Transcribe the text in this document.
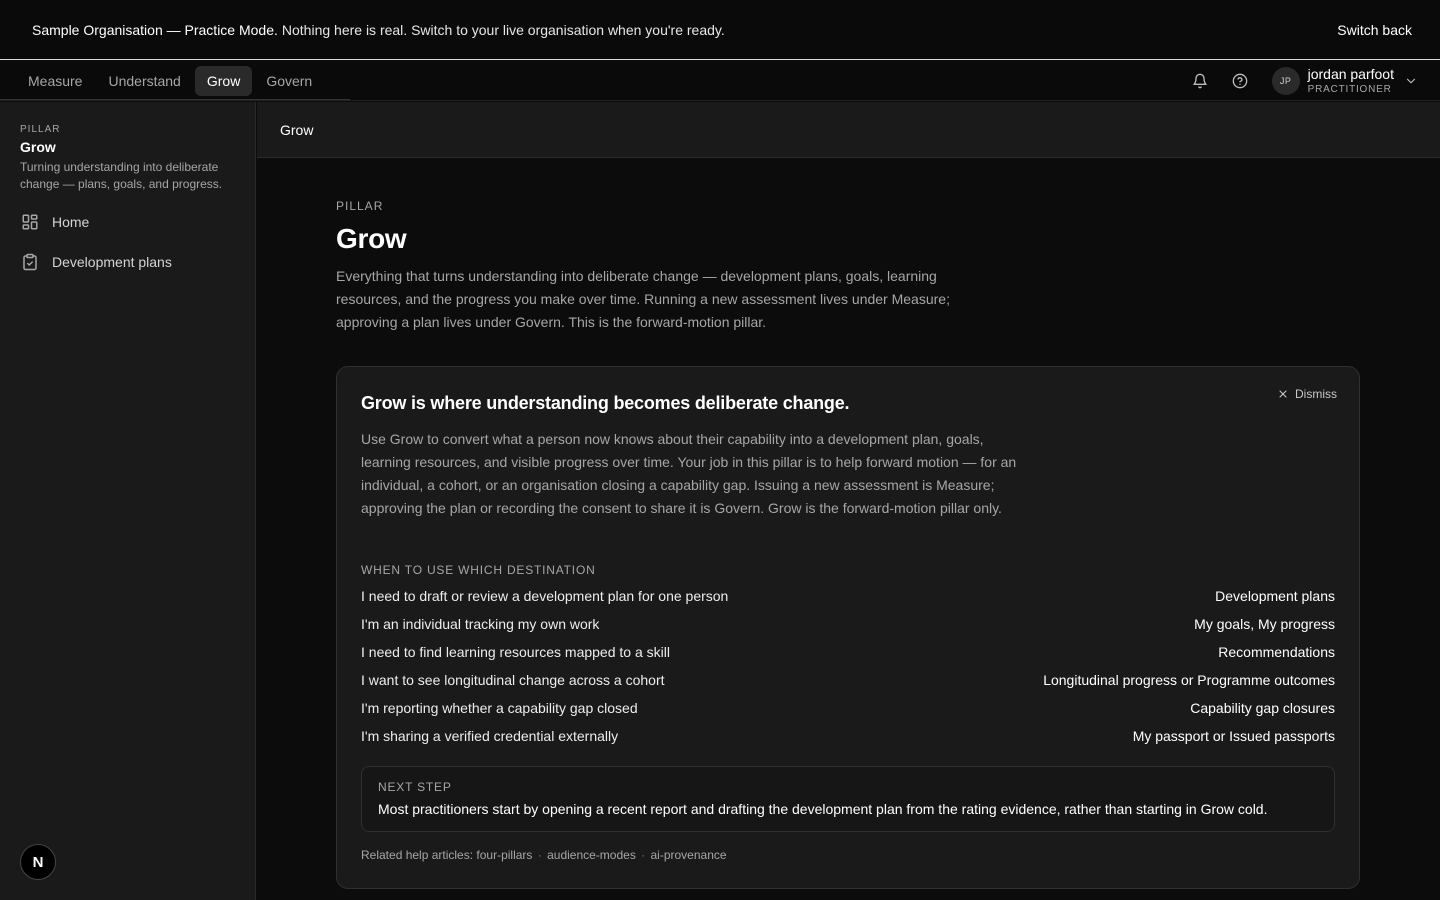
Sample Organisation — Practice Mode. Nothing here is real. Switch to your live organisation when you're ready.	Switch back
Measure	Understand	Grow	Govern	JP	jordan parfoot
PRACTITIONER
PILLAR
Grow
Turning understanding into deliberate change — plans, goals, and progress.
Home
Development plans
N
Grow
PILLAR
Grow
Everything that turns understanding into deliberate change — development plans, goals, learning resources, and the progress you make over time. Running a new assessment lives under Measure; approving a plan lives under Govern. This is the forward-motion pillar.
Grow is where understanding becomes deliberate change.	Dismiss
Use Grow to convert what a person now knows about their capability into a development plan, goals, learning resources, and visible progress over time. Your job in this pillar is to help forward motion — for an individual, a cohort, or an organisation closing a capability gap. Issuing a new assessment is Measure; approving the plan or recording the consent to share it is Govern. Grow is the forward-motion pillar only.
WHEN TO USE WHICH DESTINATION
I need to draft or review a development plan for one person	Development plans
I'm an individual tracking my own work	My goals, My progress
I need to find learning resources mapped to a skill	Recommendations
I want to see longitudinal change across a cohort	Longitudinal progress or Programme outcomes
I'm reporting whether a capability gap closed	Capability gap closures
I'm sharing a verified credential externally	My passport or Issued passports
NEXT STEP
Most practitioners start by opening a recent report and drafting the development plan from the rating evidence, rather than starting in Grow cold.
Related help articles: four-pillars · audience-modes · ai-provenance
